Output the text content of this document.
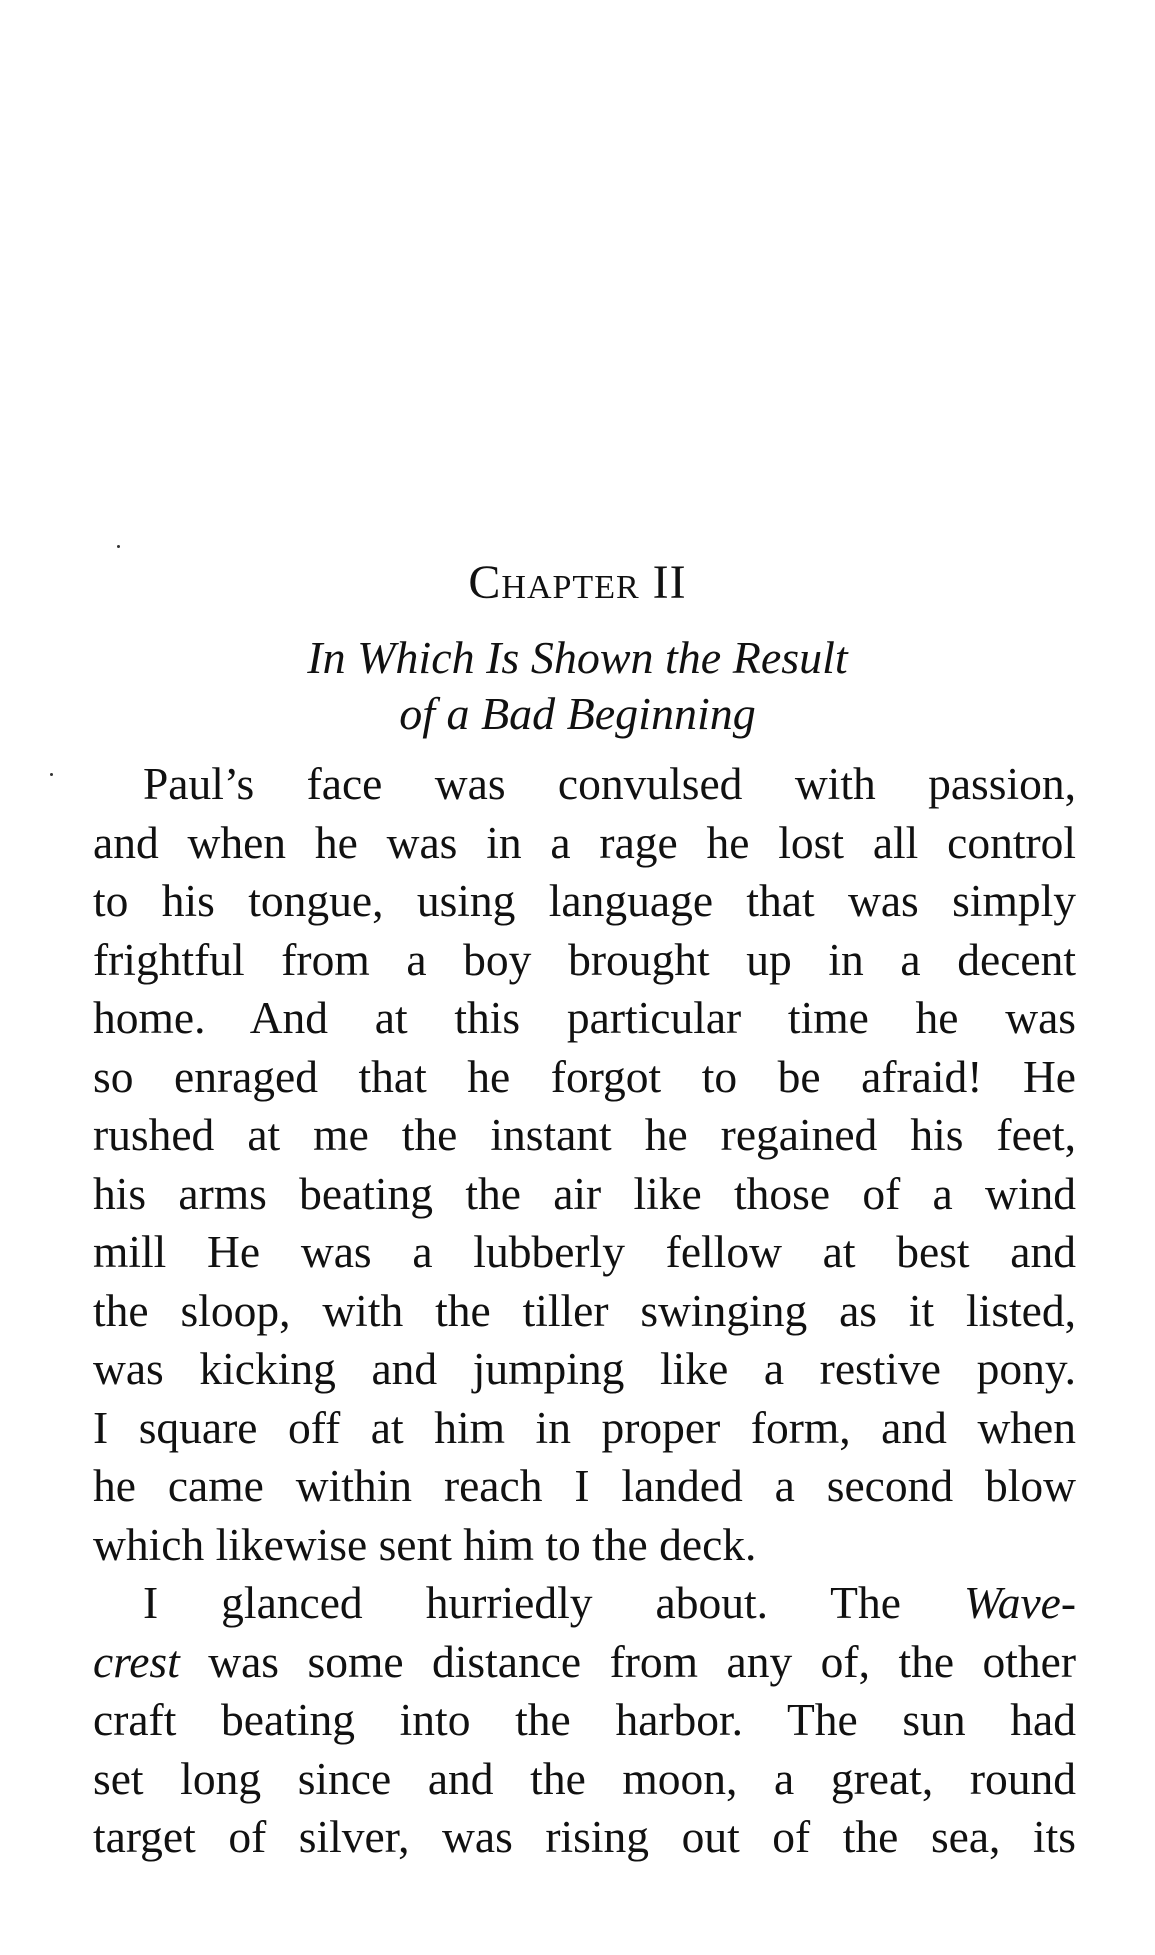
Chapter II
In Which Is Shown the Result
of a Bad Beginning
Paul’s face was convulsed with passion,
and when he was in a rage he lost all control
to his tongue, using language that was simply
frightful from a boy brought up in a decent
home. And at this particular time he was
so enraged that he forgot to be afraid! He
rushed at me the instant he regained his feet,
his arms beating the air like those of a wind
mill He was a lubberly fellow at best and
the sloop, with the tiller swinging as it listed,
was kicking and jumping like a restive pony.
I square off at him in proper form, and when
he came within reach I landed a second blow
which likewise sent him to the deck.
I glanced hurriedly about. The Wave-
crest was some distance from any of, the other
craft beating into the harbor. The sun had
set long since and the moon, a great, round
target of silver, was rising out of the sea, its
